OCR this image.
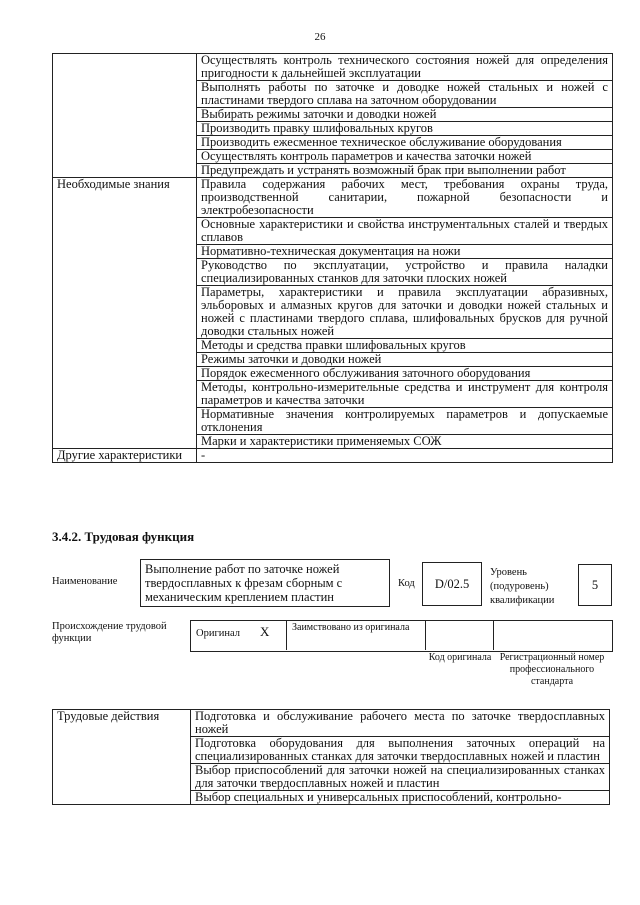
26
	Осуществлять контроль технического состояния ножей для определения пригодности к дальнейшей эксплуатации
	Выполнять работы по заточке и доводке ножей стальных и ножей с пластинами твердого сплава на заточном оборудовании
	Выбирать режимы заточки и доводки ножей
	Производить правку шлифовальных кругов
	Производить ежесменное техническое обслуживание оборудования
	Осуществлять контроль параметров и качества заточки ножей
	Предупреждать и устранять возможный брак при выполнении работ
Необходимые знания	Правила содержания рабочих мест, требования охраны труда, производственной санитарии, пожарной безопасности и электробезопасности
	Основные характеристики и свойства инструментальных сталей и твердых сплавов
	Нормативно-техническая документация на ножи
	Руководство по эксплуатации, устройство и правила наладки специализированных станков для заточки плоских ножей
	Параметры, характеристики и правила эксплуатации абразивных, эльборовых и алмазных кругов для заточки и доводки ножей стальных и ножей с пластинами твердого сплава, шлифовальных брусков для ручной доводки стальных ножей
	Методы и средства правки шлифовальных кругов
	Режимы заточки и доводки ножей
	Порядок ежесменного обслуживания заточного оборудования
	Методы, контрольно-измерительные средства и инструмент для контроля параметров и качества заточки
	Нормативные значения контролируемых параметров и допускаемые отклонения
	Марки и характеристики применяемых СОЖ
Другие характеристики	-
3.4.2. Трудовая функция
Наименование
Выполнение работ по заточке ножей твердосплавных к фрезам сборным с механическим креплением пластин
Код	D/02.5
Уровень (подуровень) квалификации
5
Происхождение трудовой функции	Оригинал X Заимствовано из оригинала
Код оригинала Регистрационный номер профессионального стандарта
Трудовые действия	Подготовка и обслуживание рабочего места по заточке твердосплавных ножей
Подготовка оборудования для выполнения заточных операций на специализированных станках для заточки твердосплавных ножей и пластин
Выбор приспособлений для заточки ножей на специализированных станках для заточки твердосплавных ножей и пластин
Выбор специальных и универсальных приспособлений, контрольно-
